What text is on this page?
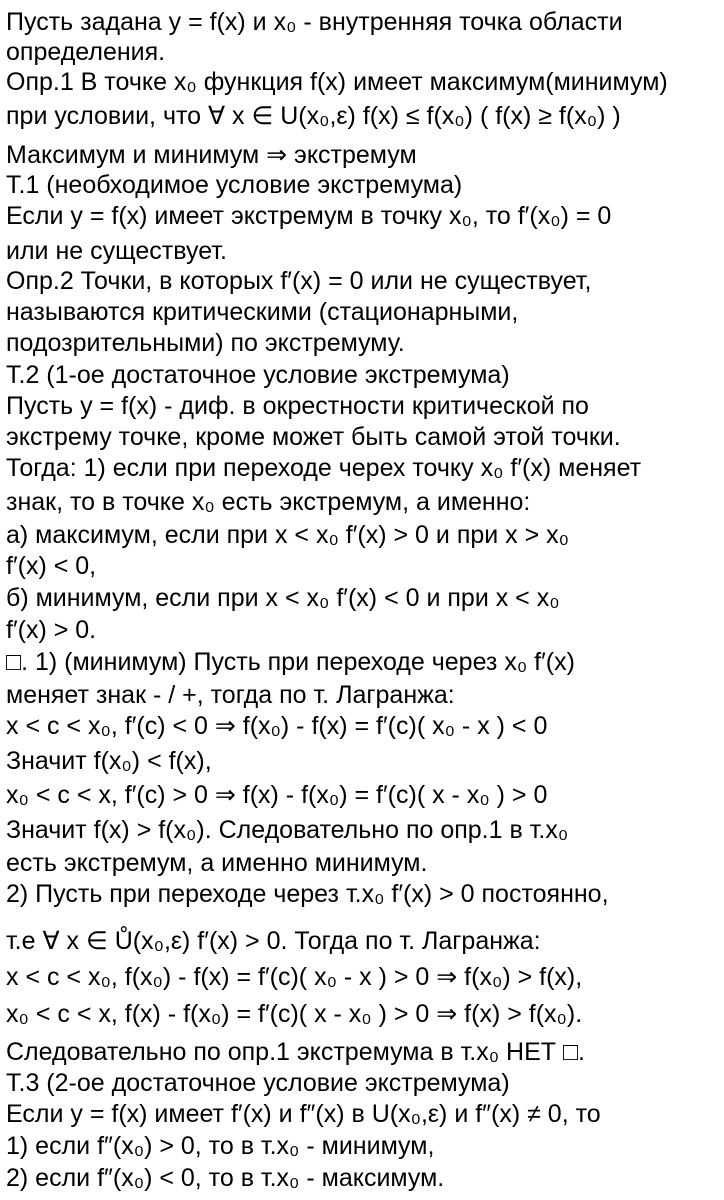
Пусть задана y = f(x) и x₀ - внутренняя точка области
определения.
Опр.1 В точке x₀ функция f(x) имеет максимум(минимум)
при условии, что ∀ x ∈ U(x₀,ε) f(x) ≤ f(x₀) ( f(x) ≥ f(x₀) )
Максимум и минимум ⇒ экстремум
Т.1 (необходимое условие экстремума)
Если y = f(x) имеет экстремум в точку x₀, то f′(x₀) = 0
или не существует.
Опр.2 Точки, в которых f′(x) = 0 или не существует,
называются критическими (стационарными,
подозрительными) по экстремуму.
Т.2 (1-ое достаточное условие экстремума)
Пусть y = f(x) - диф. в окрестности критической по
экстрему точке, кроме может быть самой этой точки.
Тогда: 1) если при переходе черех точку x₀ f′(x) меняет
знак, то в точке x₀ есть экстремум, а именно:
а) максимум, если при x < x₀ f′(x) > 0 и при x > x₀
f′(x) < 0,
б) минимум, если при x < x₀ f′(x) < 0 и при x < x₀
f′(x) > 0.
□. 1) (минимум) Пусть при переходе через x₀ f′(x)
меняет знак - / +, тогда по т. Лагранжа:
x < c < x₀, f′(c) < 0 ⇒ f(x₀) - f(x) = f′(c)( x₀ - x ) < 0
Значит f(x₀) < f(x),
x₀ < c < x, f′(c) > 0 ⇒ f(x) - f(x₀) = f′(c)( x - x₀ ) > 0
Значит f(x) > f(x₀). Следовательно по опр.1 в т.x₀
есть экстремум, а именно минимум.
2) Пусть при переходе через т.x₀ f′(x) > 0 постоянно,
т.е ∀ x ∈ Ů(x₀,ε) f′(x) > 0. Тогда по т. Лагранжа:
x < c < x₀, f(x₀) - f(x) = f′(c)( x₀ - x ) > 0 ⇒ f(x₀) > f(x),
x₀ < c < x, f(x) - f(x₀) = f′(c)( x - x₀ ) > 0 ⇒ f(x) > f(x₀).
Следовательно по опр.1 экстремума в т.x₀ НЕТ □.
Т.3 (2-ое достаточное условие экстремума)
Если y = f(x) имеет f′(x) и f″(x) в U(x₀,ε) и f″(x) ≠ 0, то
1) если f″(x₀) > 0, то в т.x₀ - минимум,
2) если f″(x₀) < 0, то в т.x₀ - максимум.
